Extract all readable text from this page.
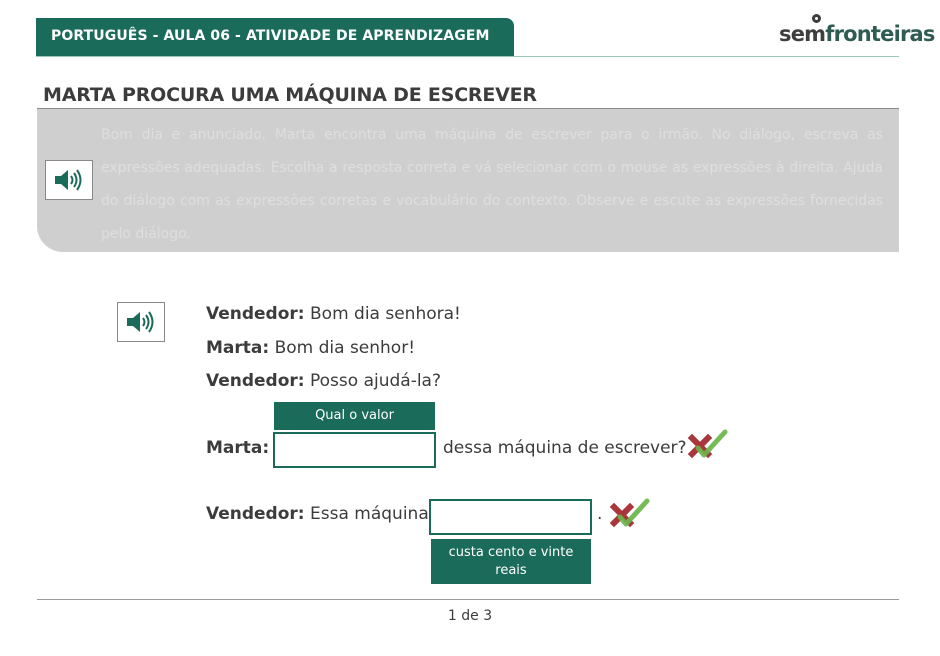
PORTUGUÊS - AULA 06 - ATIVIDADE DE APRENDIZAGEM	semfronteiras
MARTA PROCURA UMA MÁQUINA DE ESCREVER
Bom dia e anunciado. Marta encontra uma máquina de escrever para o irmão. No diálogo, escreva as expressões adequadas. Escolha a resposta correta e vá selecionar com o mouse as expressões à direita. Ajuda do diálogo com as expressões corretas e vocabulário do contexto. Observe e escute as expressões fornecidas pelo diálogo.
Vendedor: Bom dia senhora!
Marta: Bom dia senhor!
Vendedor: Posso ajudá-la?
Qual o valor
Marta:	dessa máquina de escrever?
Vendedor: Essa máquina	.
custa cento e vinte reais
1 de 3
